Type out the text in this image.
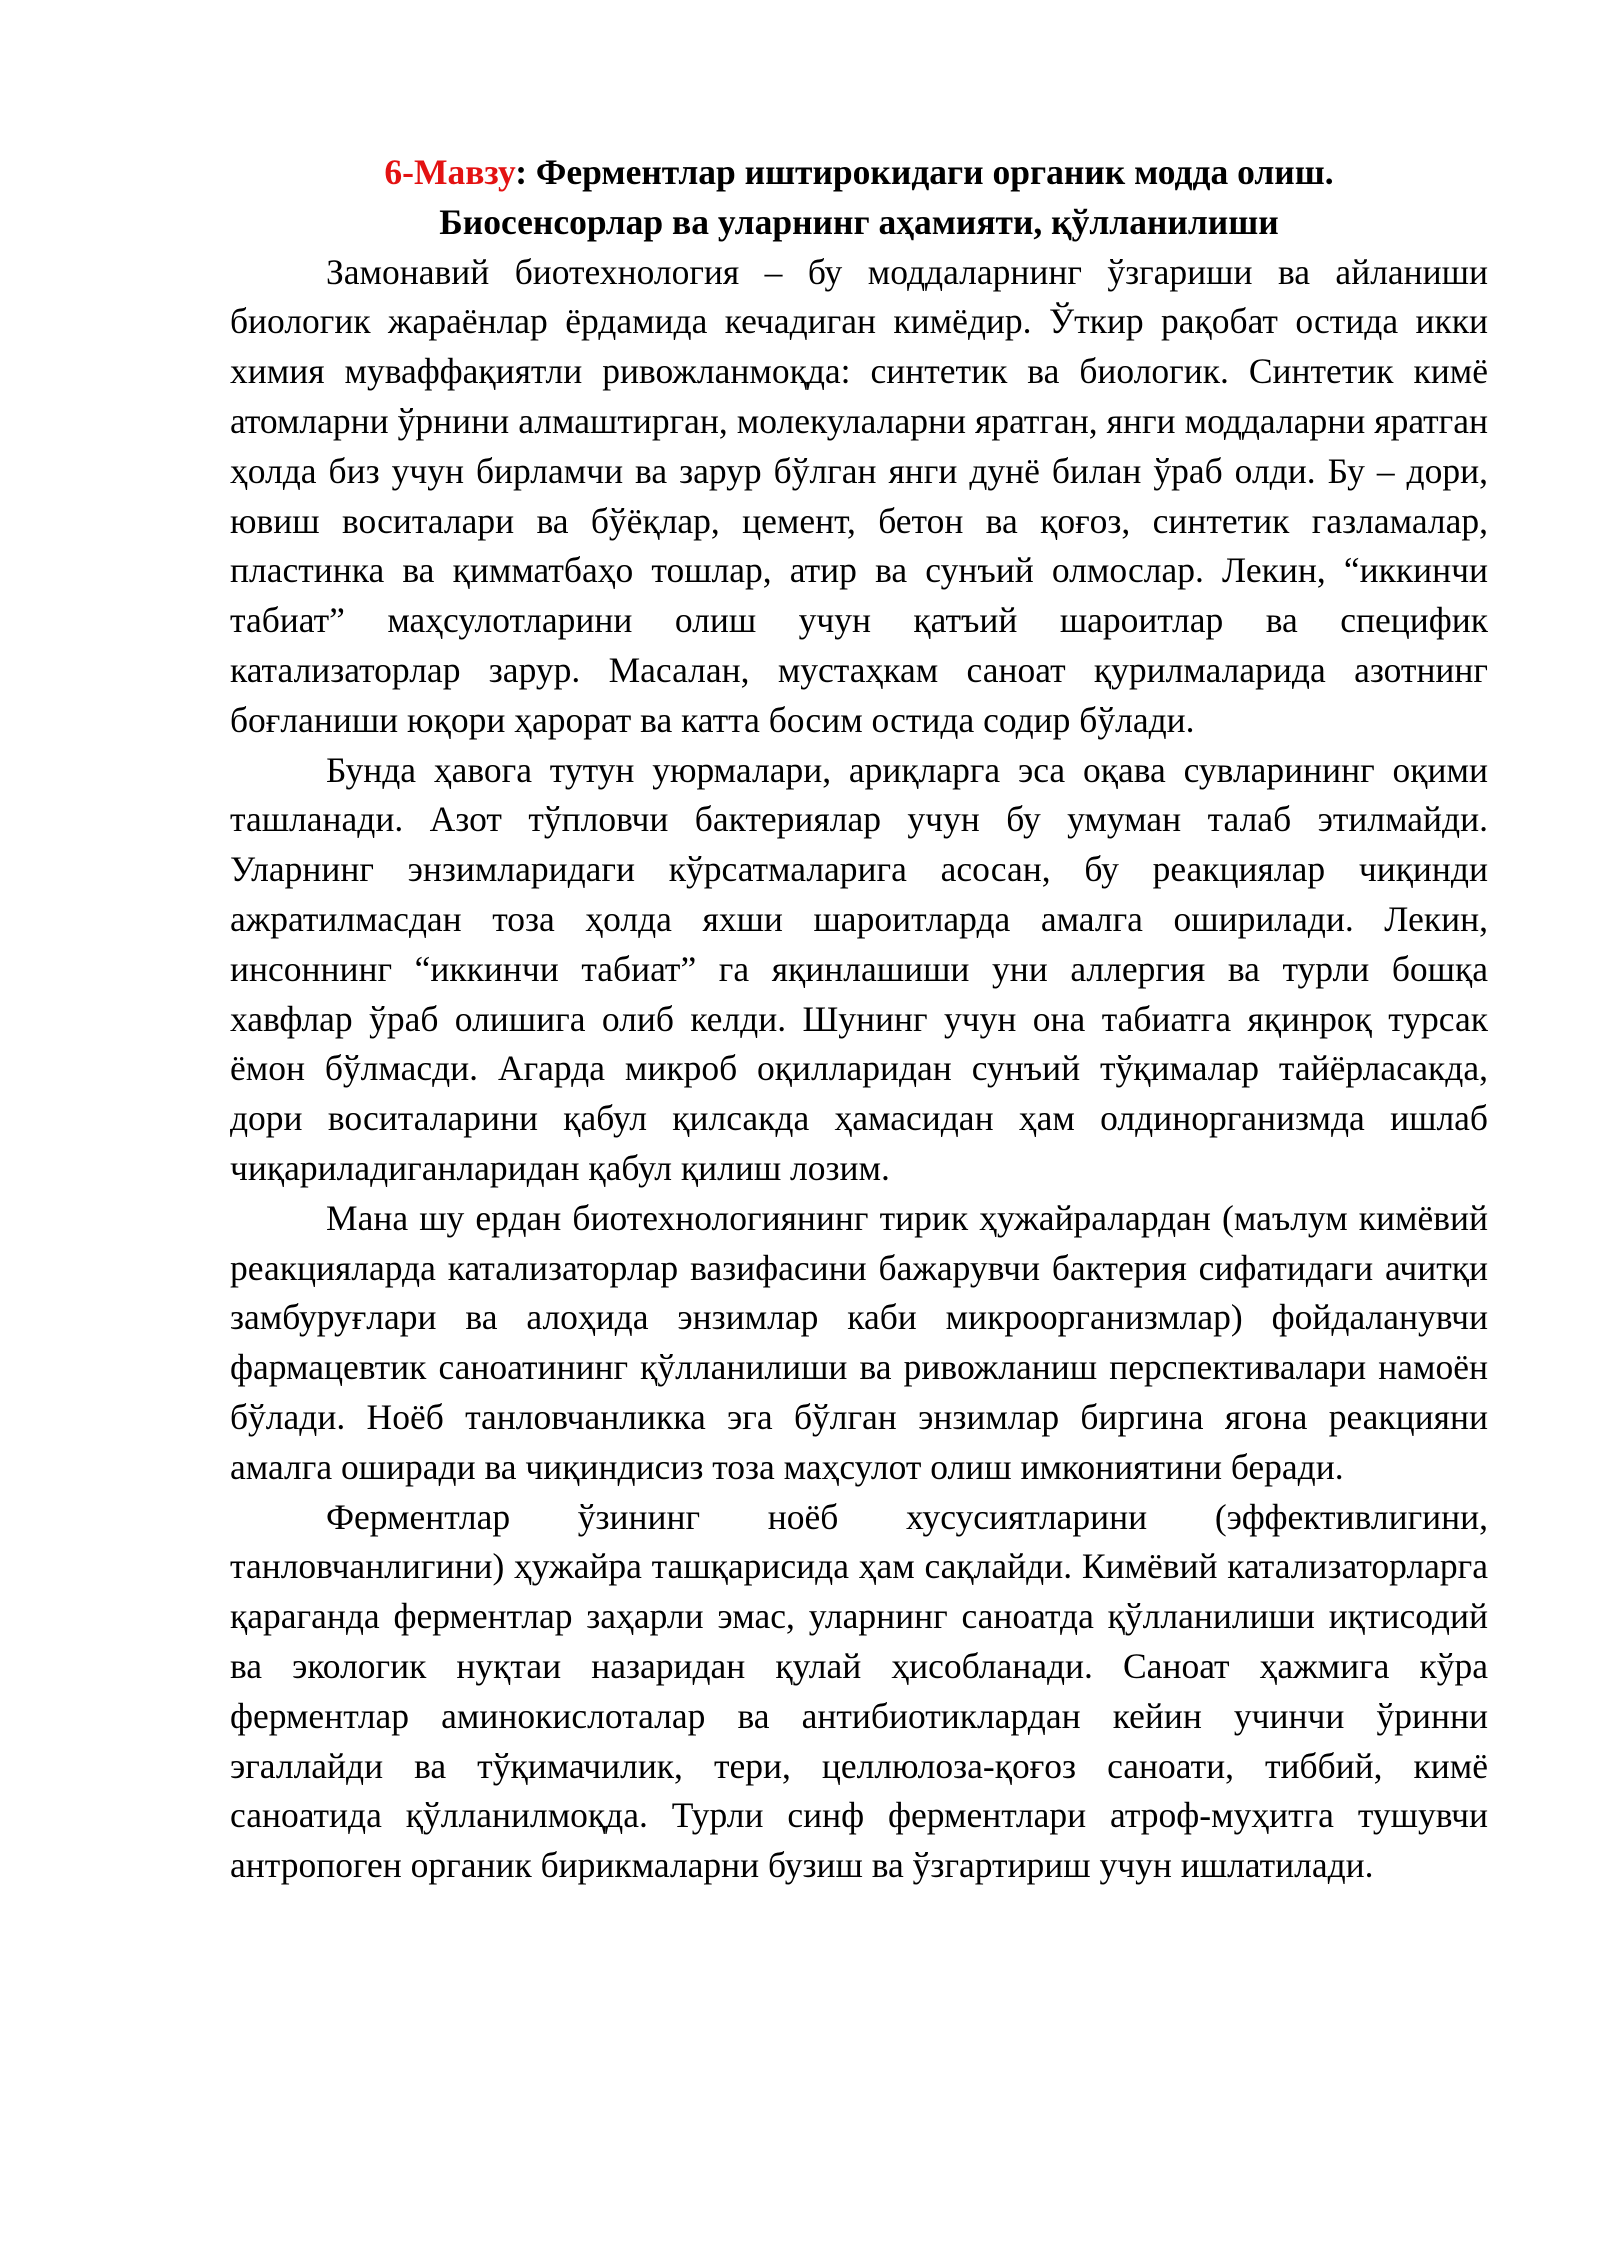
6-Мавзу: Ферментлар иштирокидаги органик модда олиш.
Биосенсорлар ва уларнинг аҳамияти, қўлланилиши

Замонавий биотехнология – бу моддаларнинг ўзгариши ва айланиши биологик жараёнлар ёрдамида кечадиган кимёдир. Ўткир рақобат остида икки химия муваффақиятли ривожланмоқда: синтетик ва биологик. Синтетик кимё атомларни ўрнини алмаштирган, молекулаларни яратган, янги моддаларни яратган ҳолда биз учун бирламчи ва зарур бўлган янги дунё билан ўраб олди. Бу – дори, ювиш воситалари ва бўёқлар, цемент, бетон ва қоғоз, синтетик газламалар, пластинка ва қимматбаҳо тошлар, атир ва сунъий олмослар. Лекин, “иккинчи табиат” маҳсулотларини олиш учун қатъий шароитлар ва специфик катализаторлар зарур. Масалан, мустаҳкам саноат қурилмаларида азотнинг боғланиши юқори ҳарорат ва катта босим остида содир бўлади.

Бунда ҳавога тутун уюрмалари, ариқларга эса оқава сувларининг оқими ташланади. Азот тўпловчи бактериялар учун бу умуман талаб этилмайди. Уларнинг энзимларидаги кўрсатмаларига асосан, бу реакциялар чиқинди ажратилмасдан тоза ҳолда яхши шароитларда амалга оширилади. Лекин, инсоннинг “иккинчи табиат” га яқинлашиши уни аллергия ва турли бошқа хавфлар ўраб олишига олиб келди. Шунинг учун она табиатга яқинроқ турсак ёмон бўлмасди. Агарда микроб оқилларидан сунъий тўқималар тайёрласакда, дори воситаларини қабул қилсакда ҳамасидан ҳам олдинорганизмда ишлаб чиқариладиганларидан қабул қилиш лозим.

Мана шу ердан биотехнологиянинг тирик ҳужайралардан (маълум кимёвий реакцияларда катализаторлар вазифасини бажарувчи бактерия сифатидаги ачитқи замбуруғлари ва алоҳида энзимлар каби микроорганизмлар) фойдаланувчи фармацевтик саноатининг қўлланилиши ва ривожланиш перспективалари намоён бўлади. Ноёб танловчанликка эга бўлган энзимлар биргина ягона реакцияни амалга оширади ва чиқиндисиз тоза маҳсулот олиш имкониятини беради.

Ферментлар ўзининг ноёб хусусиятларини (эффективлигини, танловчанлигини) ҳужайра ташқарисида ҳам сақлайди. Кимёвий катализаторларга қараганда ферментлар заҳарли эмас, уларнинг саноатда қўлланилиши иқтисодий ва экологик нуқтаи назаридан қулай ҳисобланади. Саноат ҳажмига кўра ферментлар аминокислоталар ва антибиотиклардан кейин учинчи ўринни эгаллайди ва тўқимачилик, тери, целлюлоза-қоғоз саноати, тиббий, кимё саноатида қўлланилмоқда. Турли синф ферментлари атроф-муҳитга тушувчи антропоген органик бирикмаларни бузиш ва ўзгартириш учун ишлатилади.
